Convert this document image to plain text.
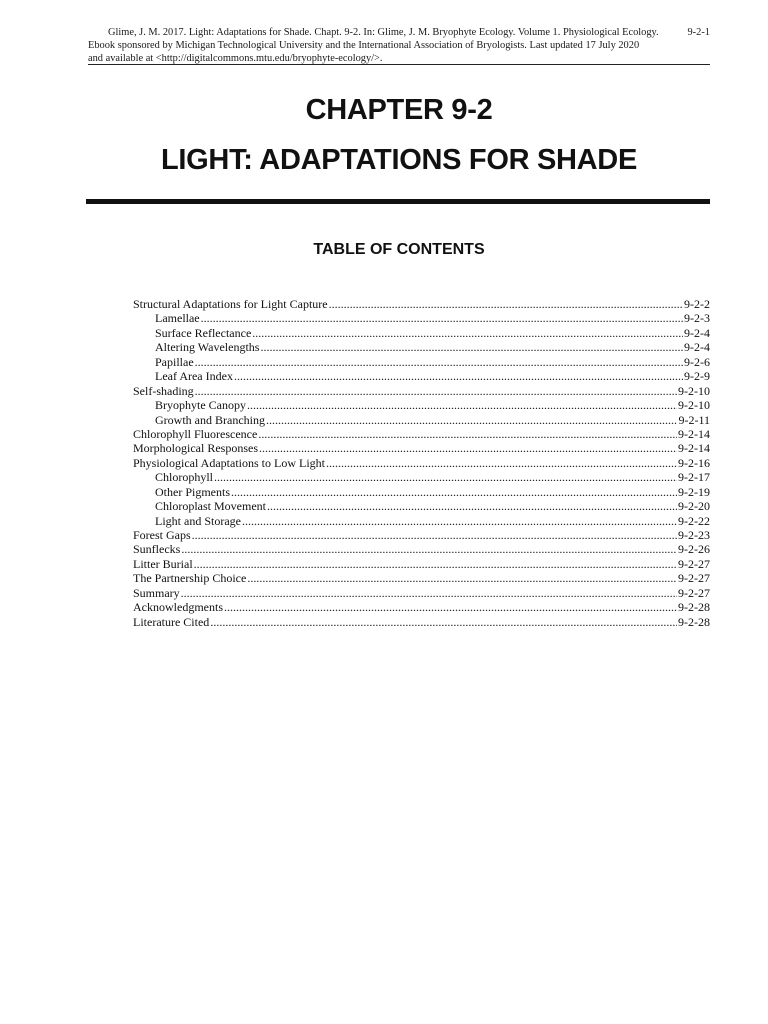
Glime, J. M. 2017. Light: Adaptations for Shade. Chapt. 9-2. In: Glime, J. M. Bryophyte Ecology. Volume 1. Physiological Ecology.	9-2-1
Ebook sponsored by Michigan Technological University and the International Association of Bryologists. Last updated 17 July 2020
and available at <http://digitalcommons.mtu.edu/bryophyte-ecology/>.
CHAPTER 9-2
LIGHT: ADAPTATIONS FOR SHADE
TABLE OF CONTENTS
Structural Adaptations for Light Capture .....	9-2-2
Lamellae .....	9-2-3
Surface Reflectance .....	9-2-4
Altering Wavelengths .....	9-2-4
Papillae .....	9-2-6
Leaf Area Index .....	9-2-9
Self-shading .....	9-2-10
Bryophyte Canopy .....	9-2-10
Growth and Branching .....	9-2-11
Chlorophyll Fluorescence .....	9-2-14
Morphological Responses .....	9-2-14
Physiological Adaptations to Low Light .....	9-2-16
Chlorophyll .....	9-2-17
Other Pigments .....	9-2-19
Chloroplast Movement .....	9-2-20
Light and Storage .....	9-2-22
Forest Gaps .....	9-2-23
Sunflecks .....	9-2-26
Litter Burial .....	9-2-27
The Partnership Choice .....	9-2-27
Summary .....	9-2-27
Acknowledgments .....	9-2-28
Literature Cited .....	9-2-28
